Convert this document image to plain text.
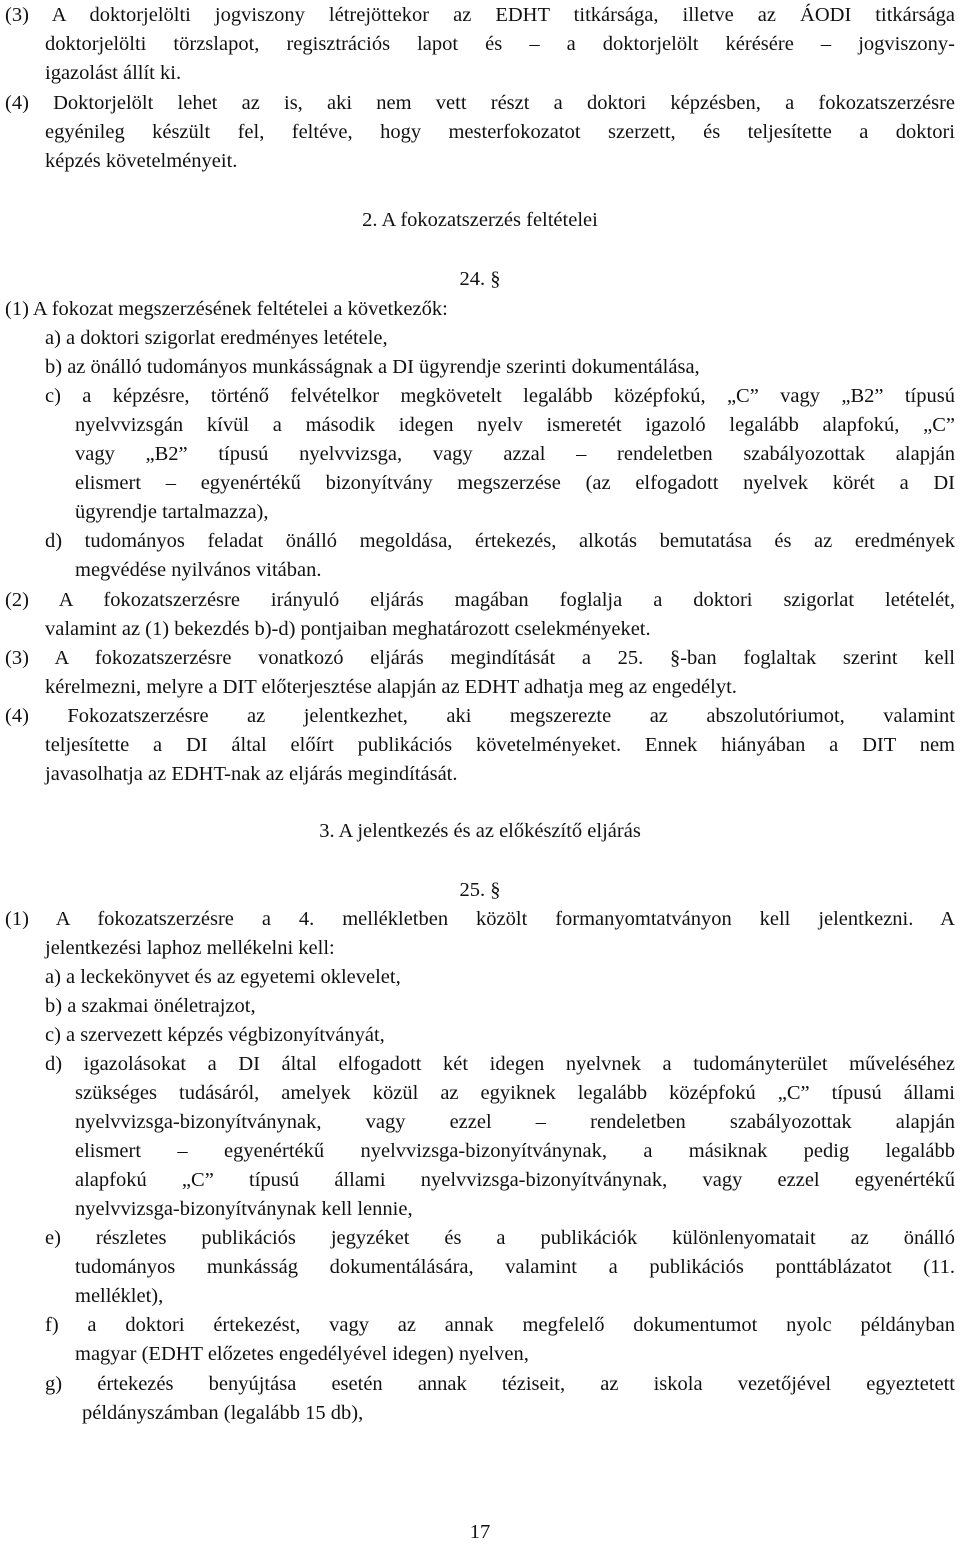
(3) A doktorjelölti jogviszony létrejöttekor az EDHT titkársága, illetve az ÁODI titkársága
doktorjelölti törzslapot, regisztrációs lapot és – a doktorjelölt kérésére – jogviszony-
igazolást állít ki.
(4) Doktorjelölt lehet az is, aki nem vett részt a doktori képzésben, a fokozatszerzésre
egyénileg készült fel, feltéve, hogy mesterfokozatot szerzett, és teljesítette a doktori
képzés követelményeit.
2. A fokozatszerzés feltételei
24. §
(1) A fokozat megszerzésének feltételei a következők:
a) a doktori szigorlat eredményes letétele,
b) az önálló tudományos munkásságnak a DI ügyrendje szerinti dokumentálása,
c) a képzésre, történő felvételkor megkövetelt legalább középfokú, „C” vagy „B2” típusú
nyelvvizsgán kívül a második idegen nyelv ismeretét igazoló legalább alapfokú, „C”
vagy „B2” típusú nyelvvizsga, vagy azzal – rendeletben szabályozottak alapján
elismert – egyenértékű bizonyítvány megszerzése (az elfogadott nyelvek körét a DI
ügyrendje tartalmazza),
d) tudományos feladat önálló megoldása, értekezés, alkotás bemutatása és az eredmények
megvédése nyilvános vitában.
(2) A fokozatszerzésre irányuló eljárás magában foglalja a doktori szigorlat letételét,
valamint az (1) bekezdés b)-d) pontjaiban meghatározott cselekményeket.
(3) A fokozatszerzésre vonatkozó eljárás megindítását a 25. §-ban foglaltak szerint kell
kérelmezni, melyre a DIT előterjesztése alapján az EDHT adhatja meg az engedélyt.
(4) Fokozatszerzésre az jelentkezhet, aki megszerezte az abszolutóriumot, valamint
teljesítette a DI által előírt publikációs követelményeket. Ennek hiányában a DIT nem
javasolhatja az EDHT-nak az eljárás megindítását.
3. A jelentkezés és az előkészítő eljárás
25. §
(1) A fokozatszerzésre a 4. mellékletben közölt formanyomtatványon kell jelentkezni. A
jelentkezési laphoz mellékelni kell:
a) a leckekönyvet és az egyetemi oklevelet,
b) a szakmai önéletrajzot,
c) a szervezett képzés végbizonyítványát,
d) igazolásokat a DI által elfogadott két idegen nyelvnek a tudományterület műveléséhez
szükséges tudásáról, amelyek közül az egyiknek legalább középfokú „C” típusú állami
nyelvvizsga-bizonyítványnak, vagy ezzel – rendeletben szabályozottak alapján
elismert – egyenértékű nyelvvizsga-bizonyítványnak, a másiknak pedig legalább
alapfokú „C” típusú állami nyelvvizsga-bizonyítványnak, vagy ezzel egyenértékű
nyelvvizsga-bizonyítványnak kell lennie,
e) részletes publikációs jegyzéket és a publikációk különlenyomatait az önálló
tudományos munkásság dokumentálására, valamint a publikációs ponttáblázatot (11.
melléklet),
f) a doktori értekezést, vagy az annak megfelelő dokumentumot nyolc példányban
magyar (EDHT előzetes engedélyével idegen) nyelven,
g) értekezés benyújtása esetén annak téziseit, az iskola vezetőjével egyeztetett
példányszámban (legalább 15 db),
17
